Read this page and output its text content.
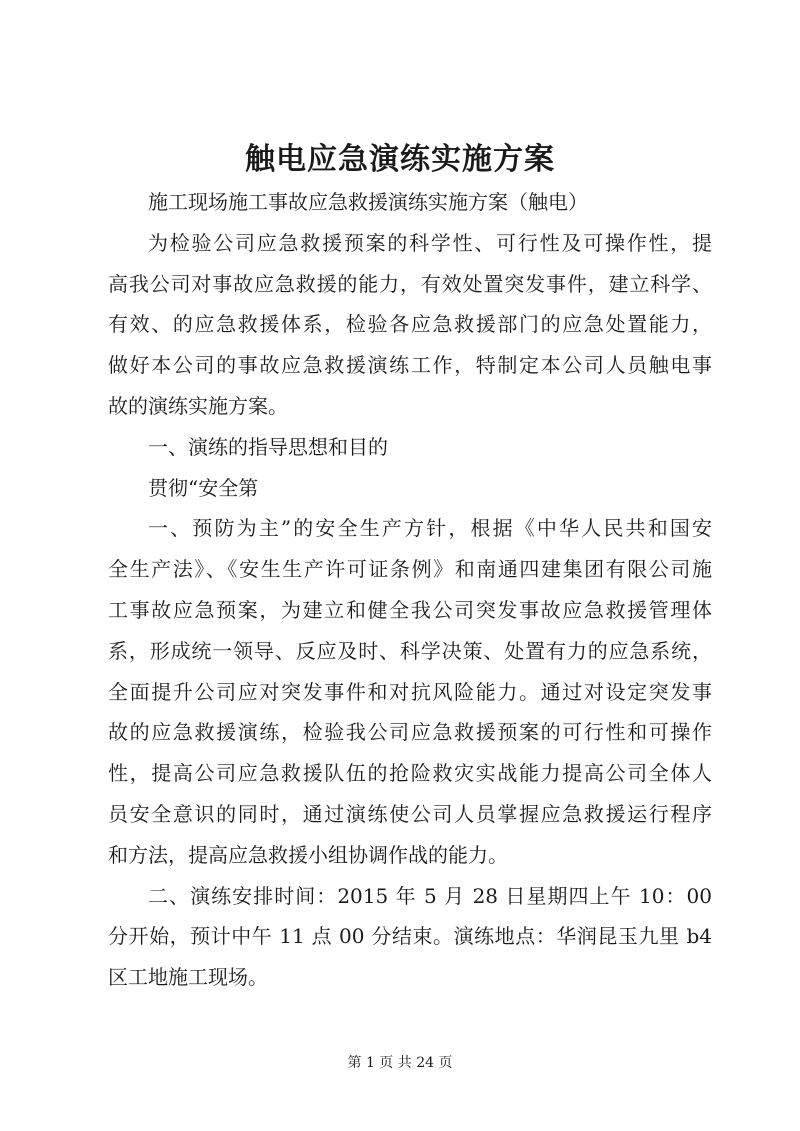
触电应急演练实施方案
施工现场施工事故应急救援演练实施方案（触电）
为检验公司应急救援预案的科学性、可行性及可操作性，提
高我公司对事故应急救援的能力，有效处置突发事件，建立科学、
有效、的应急救援体系，检验各应急救援部门的应急处置能力，
做好本公司的事故应急救援演练工作，特制定本公司人员触电事
故的演练实施方案。
一、演练的指导思想和目的
贯彻“安全第
一、预防为主”的安全生产方针，根据《中华人民共和国安
全生产法》、《安生生产许可证条例》和南通四建集团有限公司施
工事故应急预案，为建立和健全我公司突发事故应急救援管理体
系，形成统一领导、反应及时、科学决策、处置有力的应急系统，
全面提升公司应对突发事件和对抗风险能力。通过对设定突发事
故的应急救援演练，检验我公司应急救援预案的可行性和可操作
性，提高公司应急救援队伍的抢险救灾实战能力提高公司全体人
员安全意识的同时，通过演练使公司人员掌握应急救援运行程序
和方法，提高应急救援小组协调作战的能力。
二、演练安排时间：2015 年 5 月 28 日星期四上午 10：00
分开始，预计中午 11 点 00 分结束。演练地点：华润昆玉九里 b4
区工地施工现场。
第 1 页 共 24 页
